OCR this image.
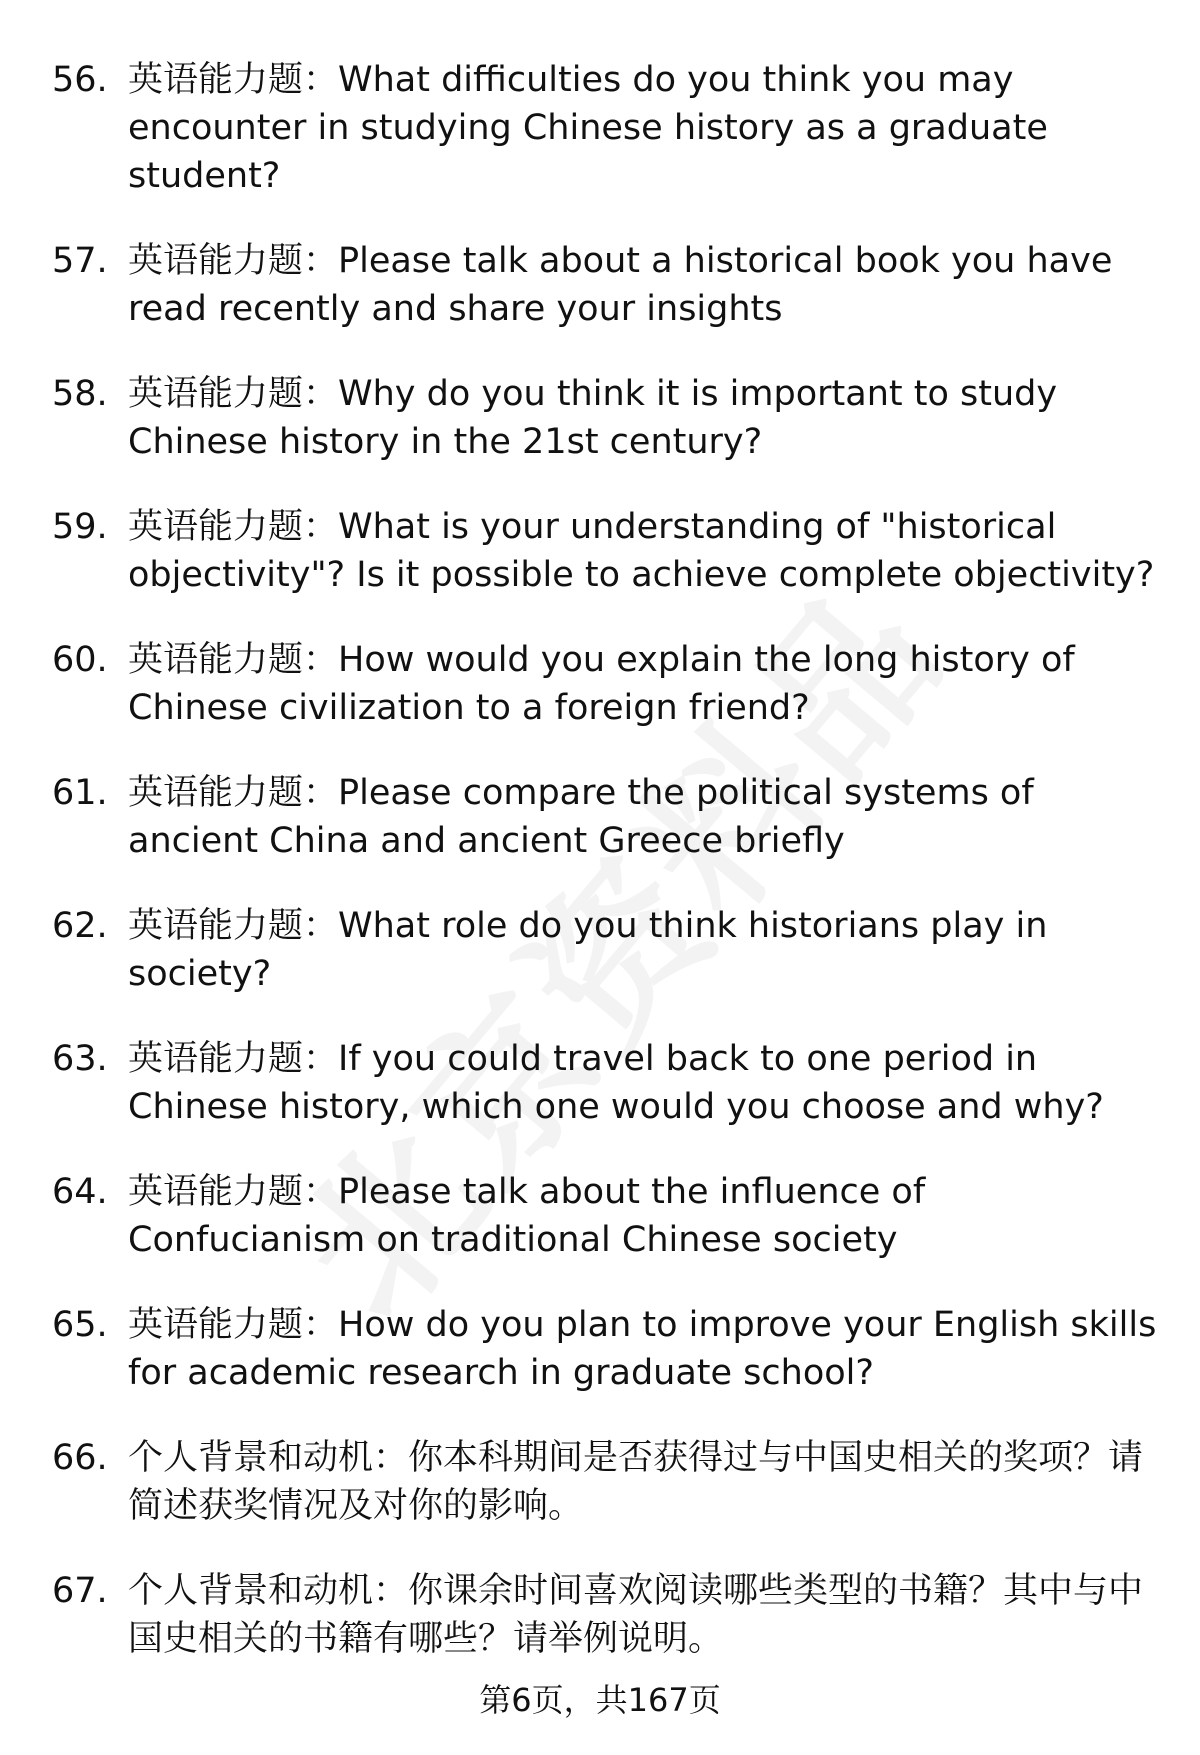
56. 英语能力题：What difficulties do you think you may encounter in studying Chinese history as a graduate student?
57. 英语能力题：Please talk about a historical book you have read recently and share your insights
58. 英语能力题：Why do you think it is important to study Chinese history in the 21st century?
59. 英语能力题：What is your understanding of "historical objectivity"? Is it possible to achieve complete objectivity?
60. 英语能力题：How would you explain the long history of Chinese civilization to a foreign friend?
61. 英语能力题：Please compare the political systems of ancient China and ancient Greece briefly
62. 英语能力题：What role do you think historians play in society?
63. 英语能力题：If you could travel back to one period in Chinese history, which one would you choose and why?
64. 英语能力题：Please talk about the influence of Confucianism on traditional Chinese society
65. 英语能力题：How do you plan to improve your English skills for academic research in graduate school?
66. 个人背景和动机：你本科期间是否获得过与中国史相关的奖项？请简述获奖情况及对你的影响。
67. 个人背景和动机：你课余时间喜欢阅读哪些类型的书籍？其中与中国史相关的书籍有哪些？请举例说明。
第6页，共167页
